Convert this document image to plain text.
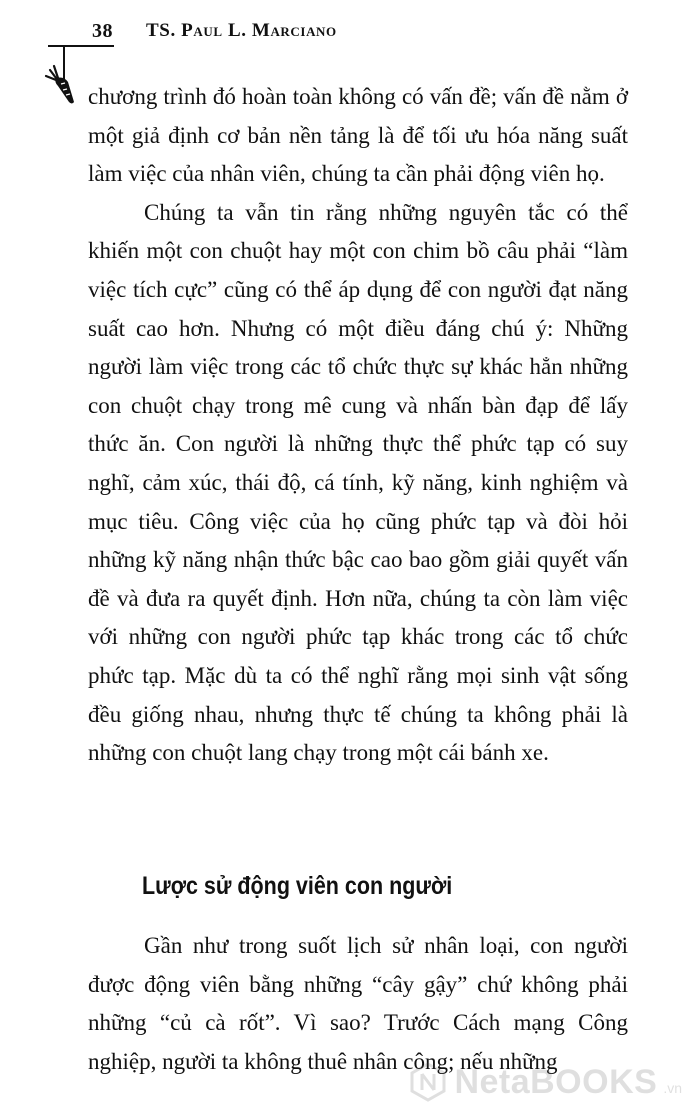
38 TS. Paul L. Marciano

chương trình đó hoàn toàn không có vấn đề; vấn đề nằm ở một giả định cơ bản nền tảng là để tối ưu hóa năng suất làm việc của nhân viên, chúng ta cần phải động viên họ.

Chúng ta vẫn tin rằng những nguyên tắc có thể khiến một con chuột hay một con chim bồ câu phải “làm việc tích cực” cũng có thể áp dụng để con người đạt năng suất cao hơn. Nhưng có một điều đáng chú ý: Những người làm việc trong các tổ chức thực sự khác hẳn những con chuột chạy trong mê cung và nhấn bàn đạp để lấy thức ăn. Con người là những thực thể phức tạp có suy nghĩ, cảm xúc, thái độ, cá tính, kỹ năng, kinh nghiệm và mục tiêu. Công việc của họ cũng phức tạp và đòi hỏi những kỹ năng nhận thức bậc cao bao gồm giải quyết vấn đề và đưa ra quyết định. Hơn nữa, chúng ta còn làm việc với những con người phức tạp khác trong các tổ chức phức tạp. Mặc dù ta có thể nghĩ rằng mọi sinh vật sống đều giống nhau, nhưng thực tế chúng ta không phải là những con chuột lang chạy trong một cái bánh xe.

Lược sử động viên con người

Gần như trong suốt lịch sử nhân loại, con người được động viên bằng những “cây gậy” chứ không phải những “củ cà rốt”. Vì sao? Trước Cách mạng Công nghiệp, người ta không thuê nhân công; nếu những

NetaBOOKS .vn
